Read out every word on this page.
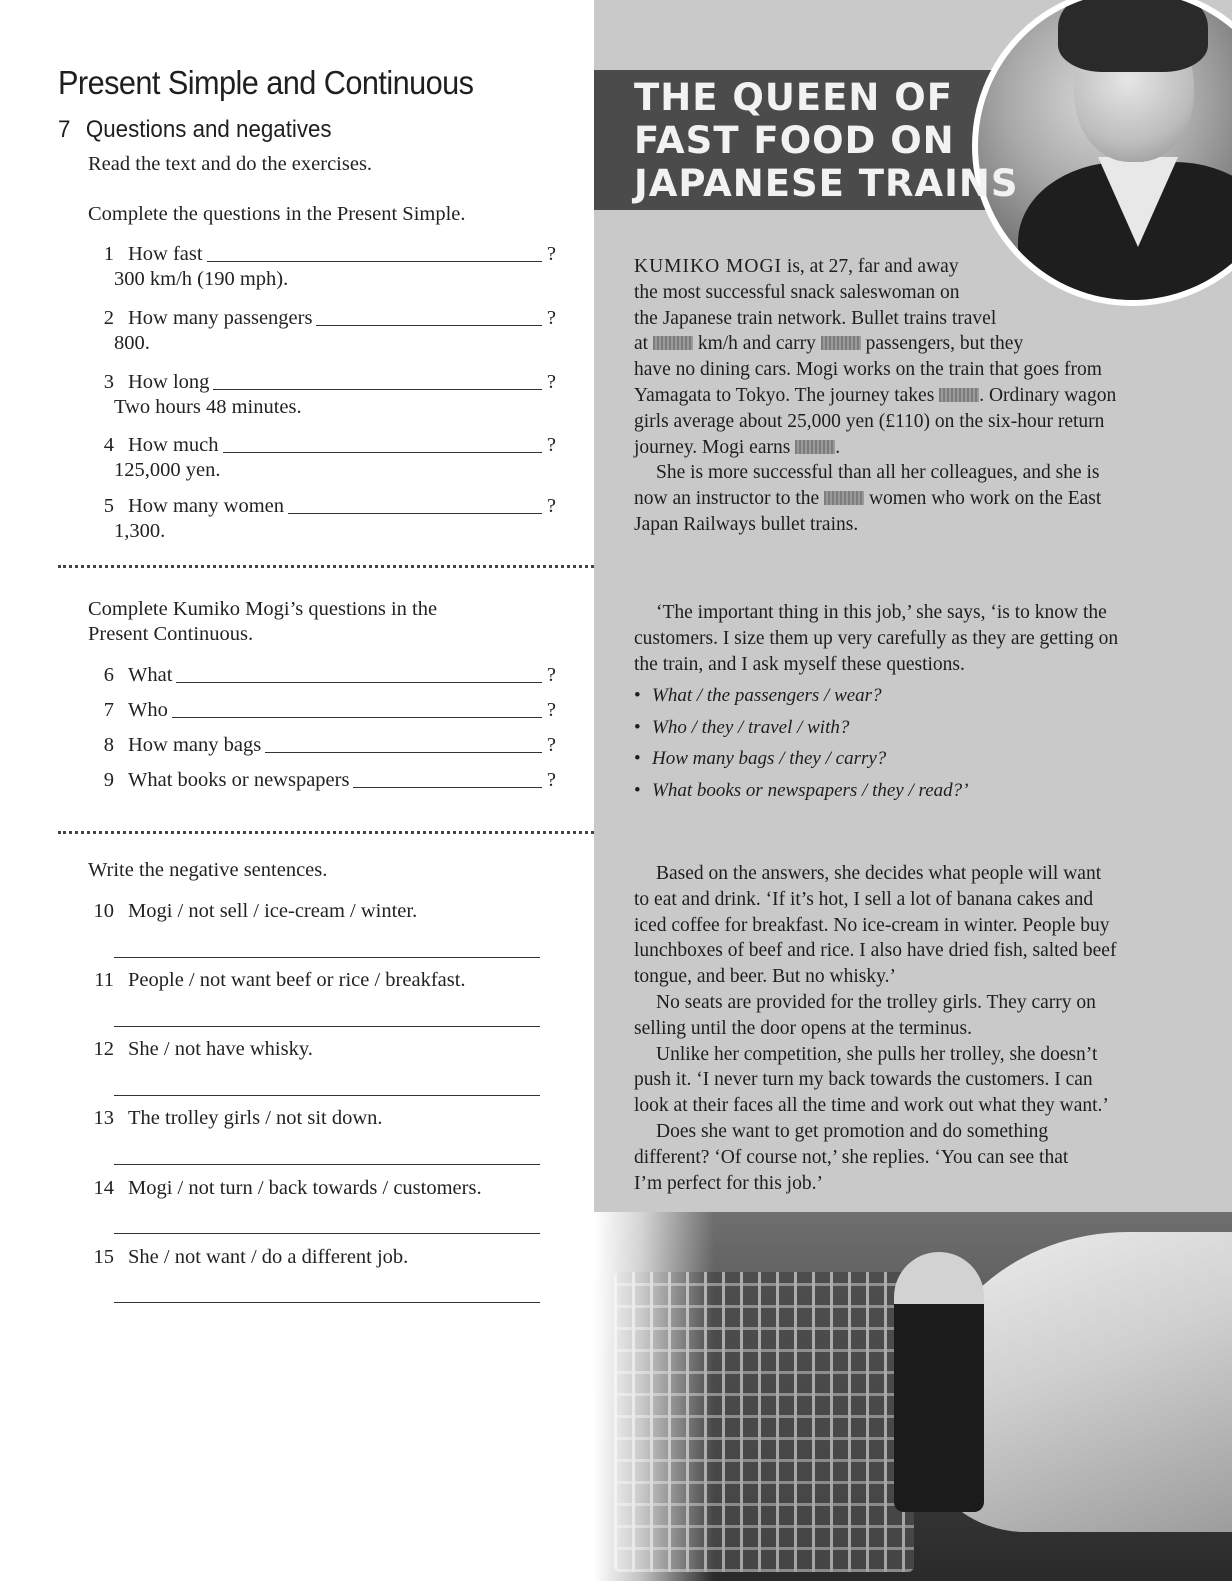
Present Simple and Continuous
7 Questions and negatives
Read the text and do the exercises.
Complete the questions in the Present Simple.
1 How fast	?
300 km/h (190 mph).
2 How many passengers	?
800.
3 How long	?
Two hours 48 minutes.
4 How much	?
125,000 yen.
5 How many women	?
1,300.
Complete Kumiko Mogi’s questions in the
Present Continuous.
6 What	?
7 Who	?
8 How many bags	?
9 What books or newspapers	?
Write the negative sentences.
10 Mogi / not sell / ice-cream / winter.
11 People / not want beef or rice / breakfast.
12 She / not have whisky.
13 The trolley girls / not sit down.
14 Mogi / not turn / back towards / customers.
15 She / not want / do a different job.
THE QUEEN OF
FAST FOOD ON
JAPANESE TRAINS

KUMIKO MOGI is, at 27, far and away

the most successful snack saleswoman on

the Japanese train network. Bullet trains travel

at  km/h and carry  passengers, but they

have no dining cars. Mogi works on the train that goes from

Yamagata to Tokyo. The journey takes . Ordinary wagon

girls average about 25,000 yen (£110) on the six-hour return

journey. Mogi earns .

She is more successful than all her colleagues, and she is

now an instructor to the  women who work on the East

Japan Railways bullet trains.

‘The important thing in this job,’ she says, ‘is to know the

customers. I size them up very carefully as they are getting on

the train, and I ask myself these questions.

• What / the passengers / wear?
• Who / they / travel / with?
• How many bags / they / carry?
• What books or newspapers / they / read?’

Based on the answers, she decides what people will want

to eat and drink. ‘If it’s hot, I sell a lot of banana cakes and

iced coffee for breakfast. No ice-cream in winter. People buy

lunchboxes of beef and rice. I also have dried fish, salted beef

tongue, and beer. But no whisky.’

No seats are provided for the trolley girls. They carry on

selling until the door opens at the terminus.

Unlike her competition, she pulls her trolley, she doesn’t

push it. ‘I never turn my back towards the customers. I can

look at their faces all the time and work out what they want.’

Does she want to get promotion and do something

different? ‘Of course not,’ she replies. ‘You can see that

I’m perfect for this job.’
